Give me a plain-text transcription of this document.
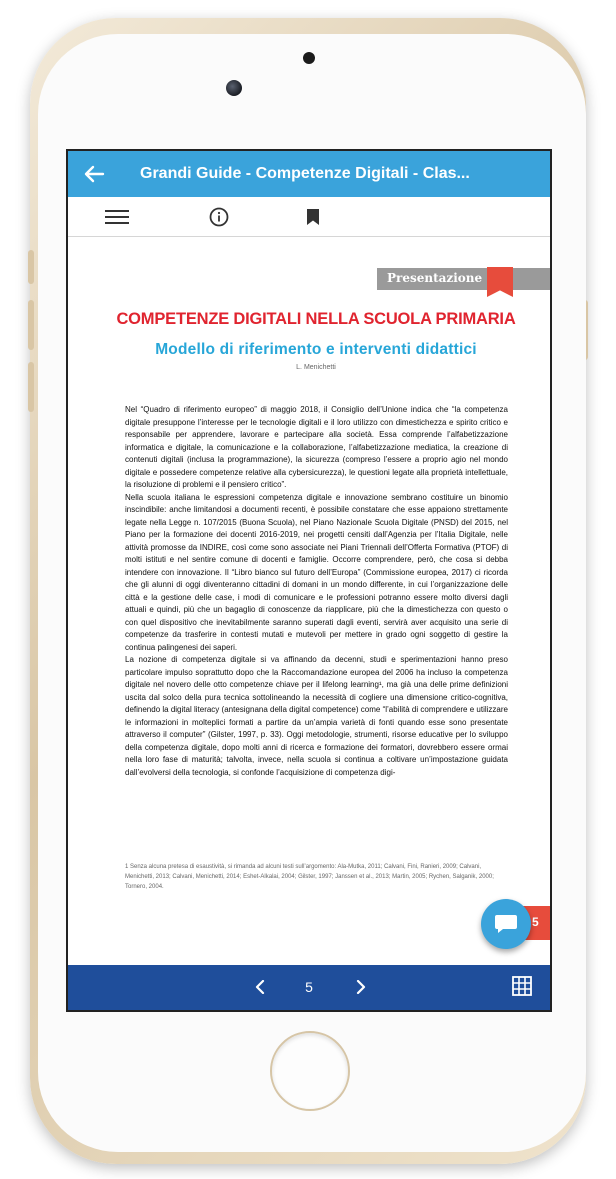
Grandi Guide - Competenze Digitali - Clas...
Presentazione
COMPETENZE DIGITALI NELLA SCUOLA PRIMARIA
Modello di riferimento e interventi didattici
L. Menichetti

Nel “Quadro di riferimento europeo” di maggio 2018, il Consiglio dell’Unione indica che “la competenza digitale presuppone l’interesse per le tecnologie digitali e il loro utilizzo con dimestichezza e spirito critico e responsabile per apprendere, lavorare e partecipare alla società. Essa comprende l’alfabetizzazione informatica e digitale, la comunicazione e la collaborazione, l’alfabetizzazione mediatica, la creazione di contenuti digitali (inclusa la programmazione), la sicurezza (compreso l’essere a proprio agio nel mondo digitale e possedere competenze relative alla cybersicurezza), le questioni legate alla proprietà intellettuale, la risoluzione di problemi e il pensiero critico”.

Nella scuola italiana le espressioni competenza digitale e innovazione sembrano costituire un binomio inscindibile: anche limitandosi a documenti recenti, è possibile constatare che esse appaiono strettamente legate nella Legge n. 107/2015 (Buona Scuola), nel Piano Nazionale Scuola Digitale (PNSD) del 2015, nel Piano per la formazione dei docenti 2016-2019, nei progetti censiti dall’Agenzia per l’Italia Digitale, nelle attività promosse da INDIRE, così come sono associate nei Piani Triennali dell’Offerta Formativa (PTOF) di molti istituti e nel sentire comune di docenti e famiglie. Occorre comprendere, però, che cosa si debba intendere con innovazione. Il “Libro bianco sul futuro dell’Europa” (Commissione europea, 2017) ci ricorda che gli alunni di oggi diventeranno cittadini di domani in un mondo differente, in cui l’organizzazione delle città e la gestione delle case, i modi di comunicare e le professioni potranno essere molto diversi dagli attuali e quindi, più che un bagaglio di conoscenze da riapplicare, più che la dimestichezza con questo o con quel dispositivo che inevitabilmente saranno superati dagli eventi, servirà aver acquisito una serie di competenze da trasferire in contesti mutati e mutevoli per mettere in grado ogni soggetto di gestire la continua palingenesi dei saperi.

La nozione di competenza digitale si va affinando da decenni, studi e sperimentazioni hanno preso particolare impulso soprattutto dopo che la Raccomandazione europea del 2006 ha incluso la competenza digitale nel novero delle otto competenze chiave per il lifelong learning¹, ma già una delle prime definizioni uscita dal solco della pura tecnica sottolineando la necessità di cogliere una dimensione critico-cognitiva, definendo la digital literacy (antesignana della digital competence) come “l’abilità di comprendere e utilizzare le informazioni in molteplici formati a partire da un’ampia varietà di fonti quando esse sono presentate attraverso il computer” (Gilster, 1997, p. 33). Oggi metodologie, strumenti, risorse educative per lo sviluppo della competenza digitale, dopo molti anni di ricerca e formazione dei formatori, dovrebbero essere ormai nella loro fase di maturità; talvolta, invece, nella scuola si continua a coltivare un’impostazione guidata dall’evolversi della tecnologia, si confonde l’acquisizione di competenza digi-

1 Senza alcuna pretesa di esaustività, si rimanda ad alcuni testi sull’argomento: Ala-Mutka, 2011; Calvani, Fini, Ranieri, 2009; Calvani, Menichetti, 2013; Calvani, Menichetti, 2014; Eshet-Alkalai, 2004; Gilster, 1997; Janssen et al., 2013; Martin, 2005; Rychen, Salganik, 2000; Tornero, 2004.
5
5
